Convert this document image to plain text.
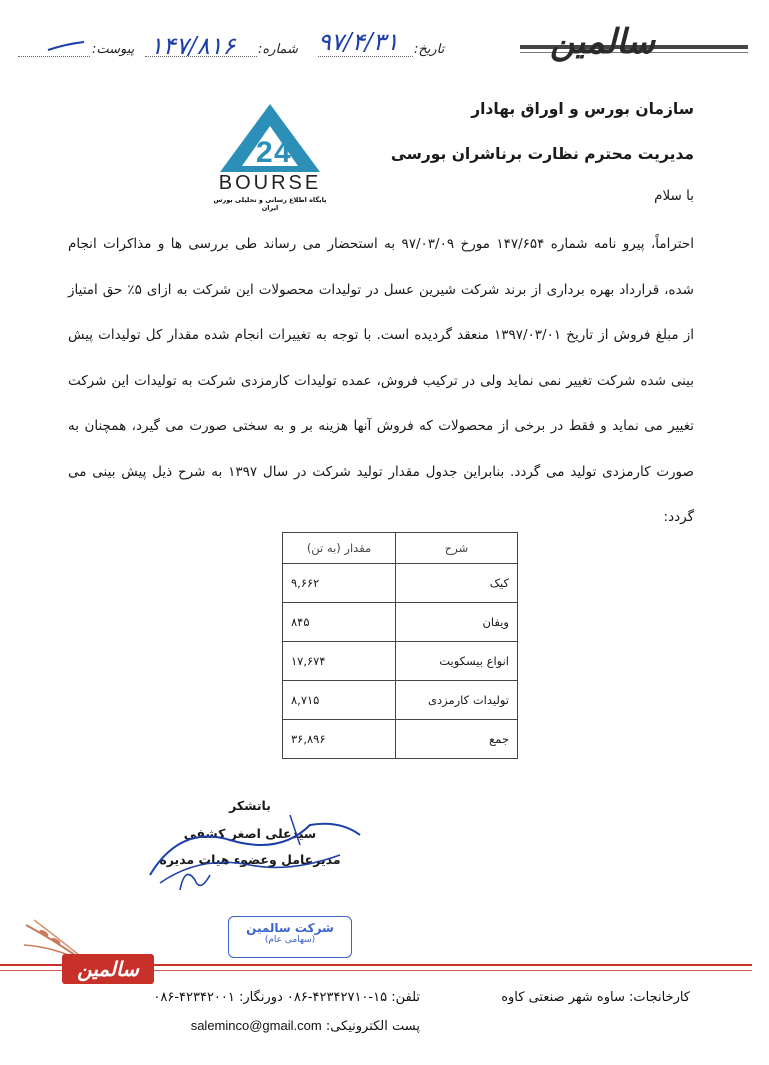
سالمین
تاریخ:
۹۷/۴/۳۱
شماره:
۱۴۷/۸۱۶
پیوست:
سازمان بورس و اوراق بهادار
مدیریت محترم نظارت برناشران بورسی
با سلام
2 4
BOURSE
پایگاه اطلاع رسانی و تحلیلی بورس ایران
احتراماً، پیرو نامه شماره ۱۴۷/۶۵۴ مورخ ۹۷/۰۳/۰۹ به استحضار می رساند طی بررسی ها و مذاکرات انجام شده، قرارداد بهره برداری از برند شرکت شیرین عسل در تولیدات محصولات این شرکت به ازای ۵٪ حق امتیاز از مبلغ فروش از تاریخ ۱۳۹۷/۰۳/۰۱ منعقد گردیده است. با توجه به تغییرات انجام شده مقدار کل تولیدات پیش بینی شده شرکت تغییر نمی نماید ولی در ترکیب فروش، عمده تولیدات کارمزدی شرکت به تولیدات این شرکت تغییر می نماید و فقط در برخی از محصولات که فروش آنها هزینه بر و به سختی صورت می گیرد، همچنان به صورت کارمزدی تولید می گردد. بنابراین جدول مقدار تولید شرکت در سال ۱۳۹۷ به شرح ذیل پیش بینی می گردد:
شرح	مقدار (به تن)
کیک	۹,۶۶۲
ویفان	۸۴۵
انواع بیسکویت	۱۷,۶۷۴
تولیدات کارمزدی	۸,۷۱۵
جمع	۳۶,۸۹۶
باتشکر
سیدعلی اصغر کشفی
مدیرعامل وعضوء هیات مدیره
شرکت سالمین
(سهامی عام)
سالمین
کارخانجات: ساوه شهر صنعتی کاوه
تلفن: ۰۸۶-۴۲۳۴۲۷۱۰-۱۵ دورنگار: ۰۸۶-۴۲۳۴۲۰۰۱
پست الکترونیکی: saleminco@gmail.com
